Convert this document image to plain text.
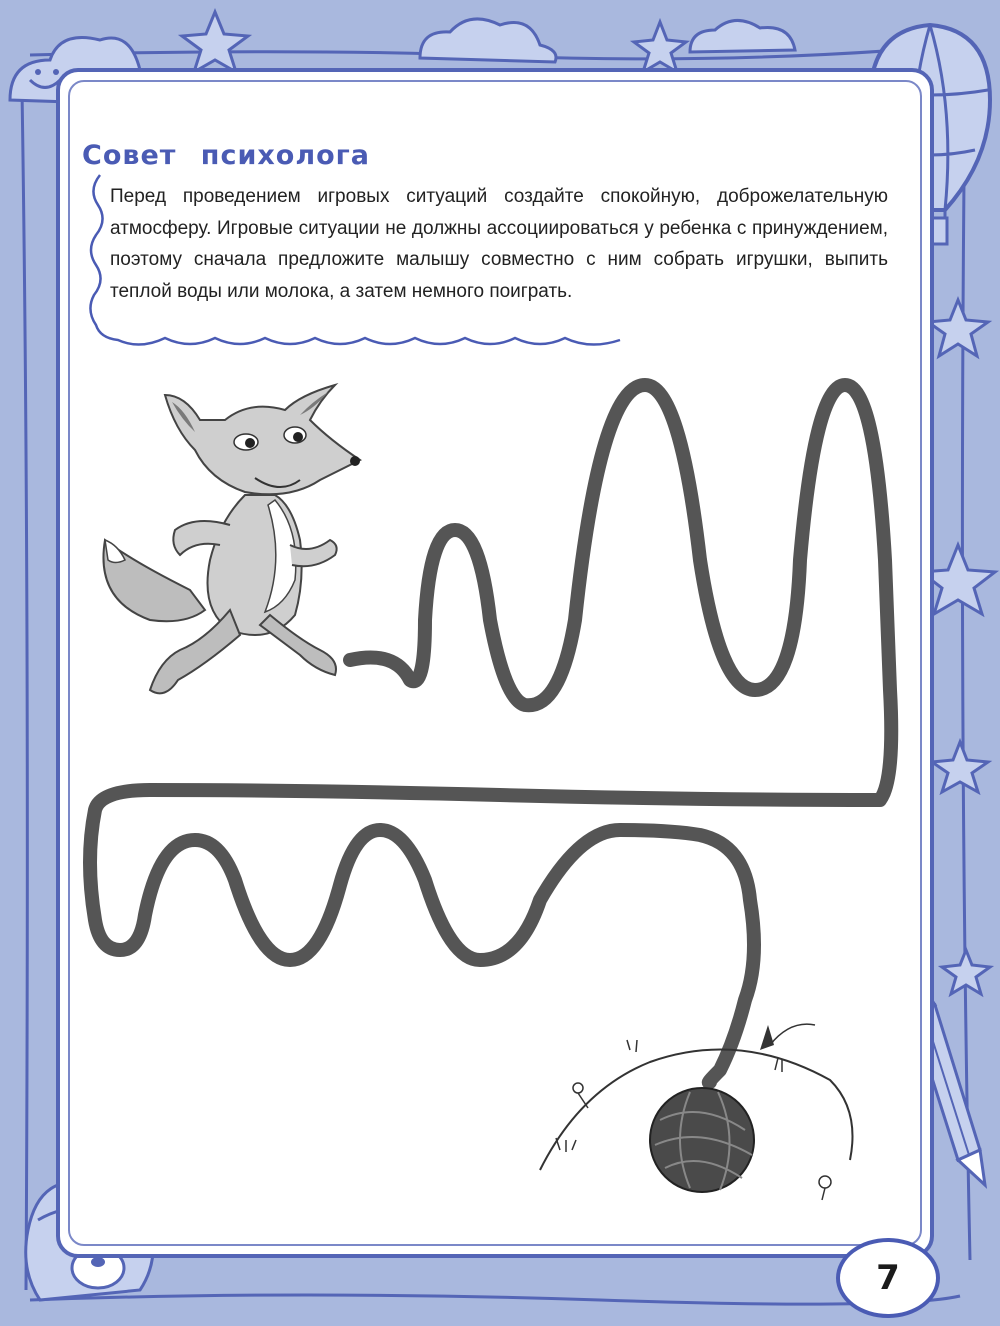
Совет психолога

Перед проведением игровых ситуаций создайте спокойную, доброжелательную атмосферу. Игровые ситуации не должны ассоциироваться у ребенка с принуждением, поэтому сначала предложите малышу совместно с ним собрать игрушки, выпить теплой воды или молока, а затем немного поиграть.

7
